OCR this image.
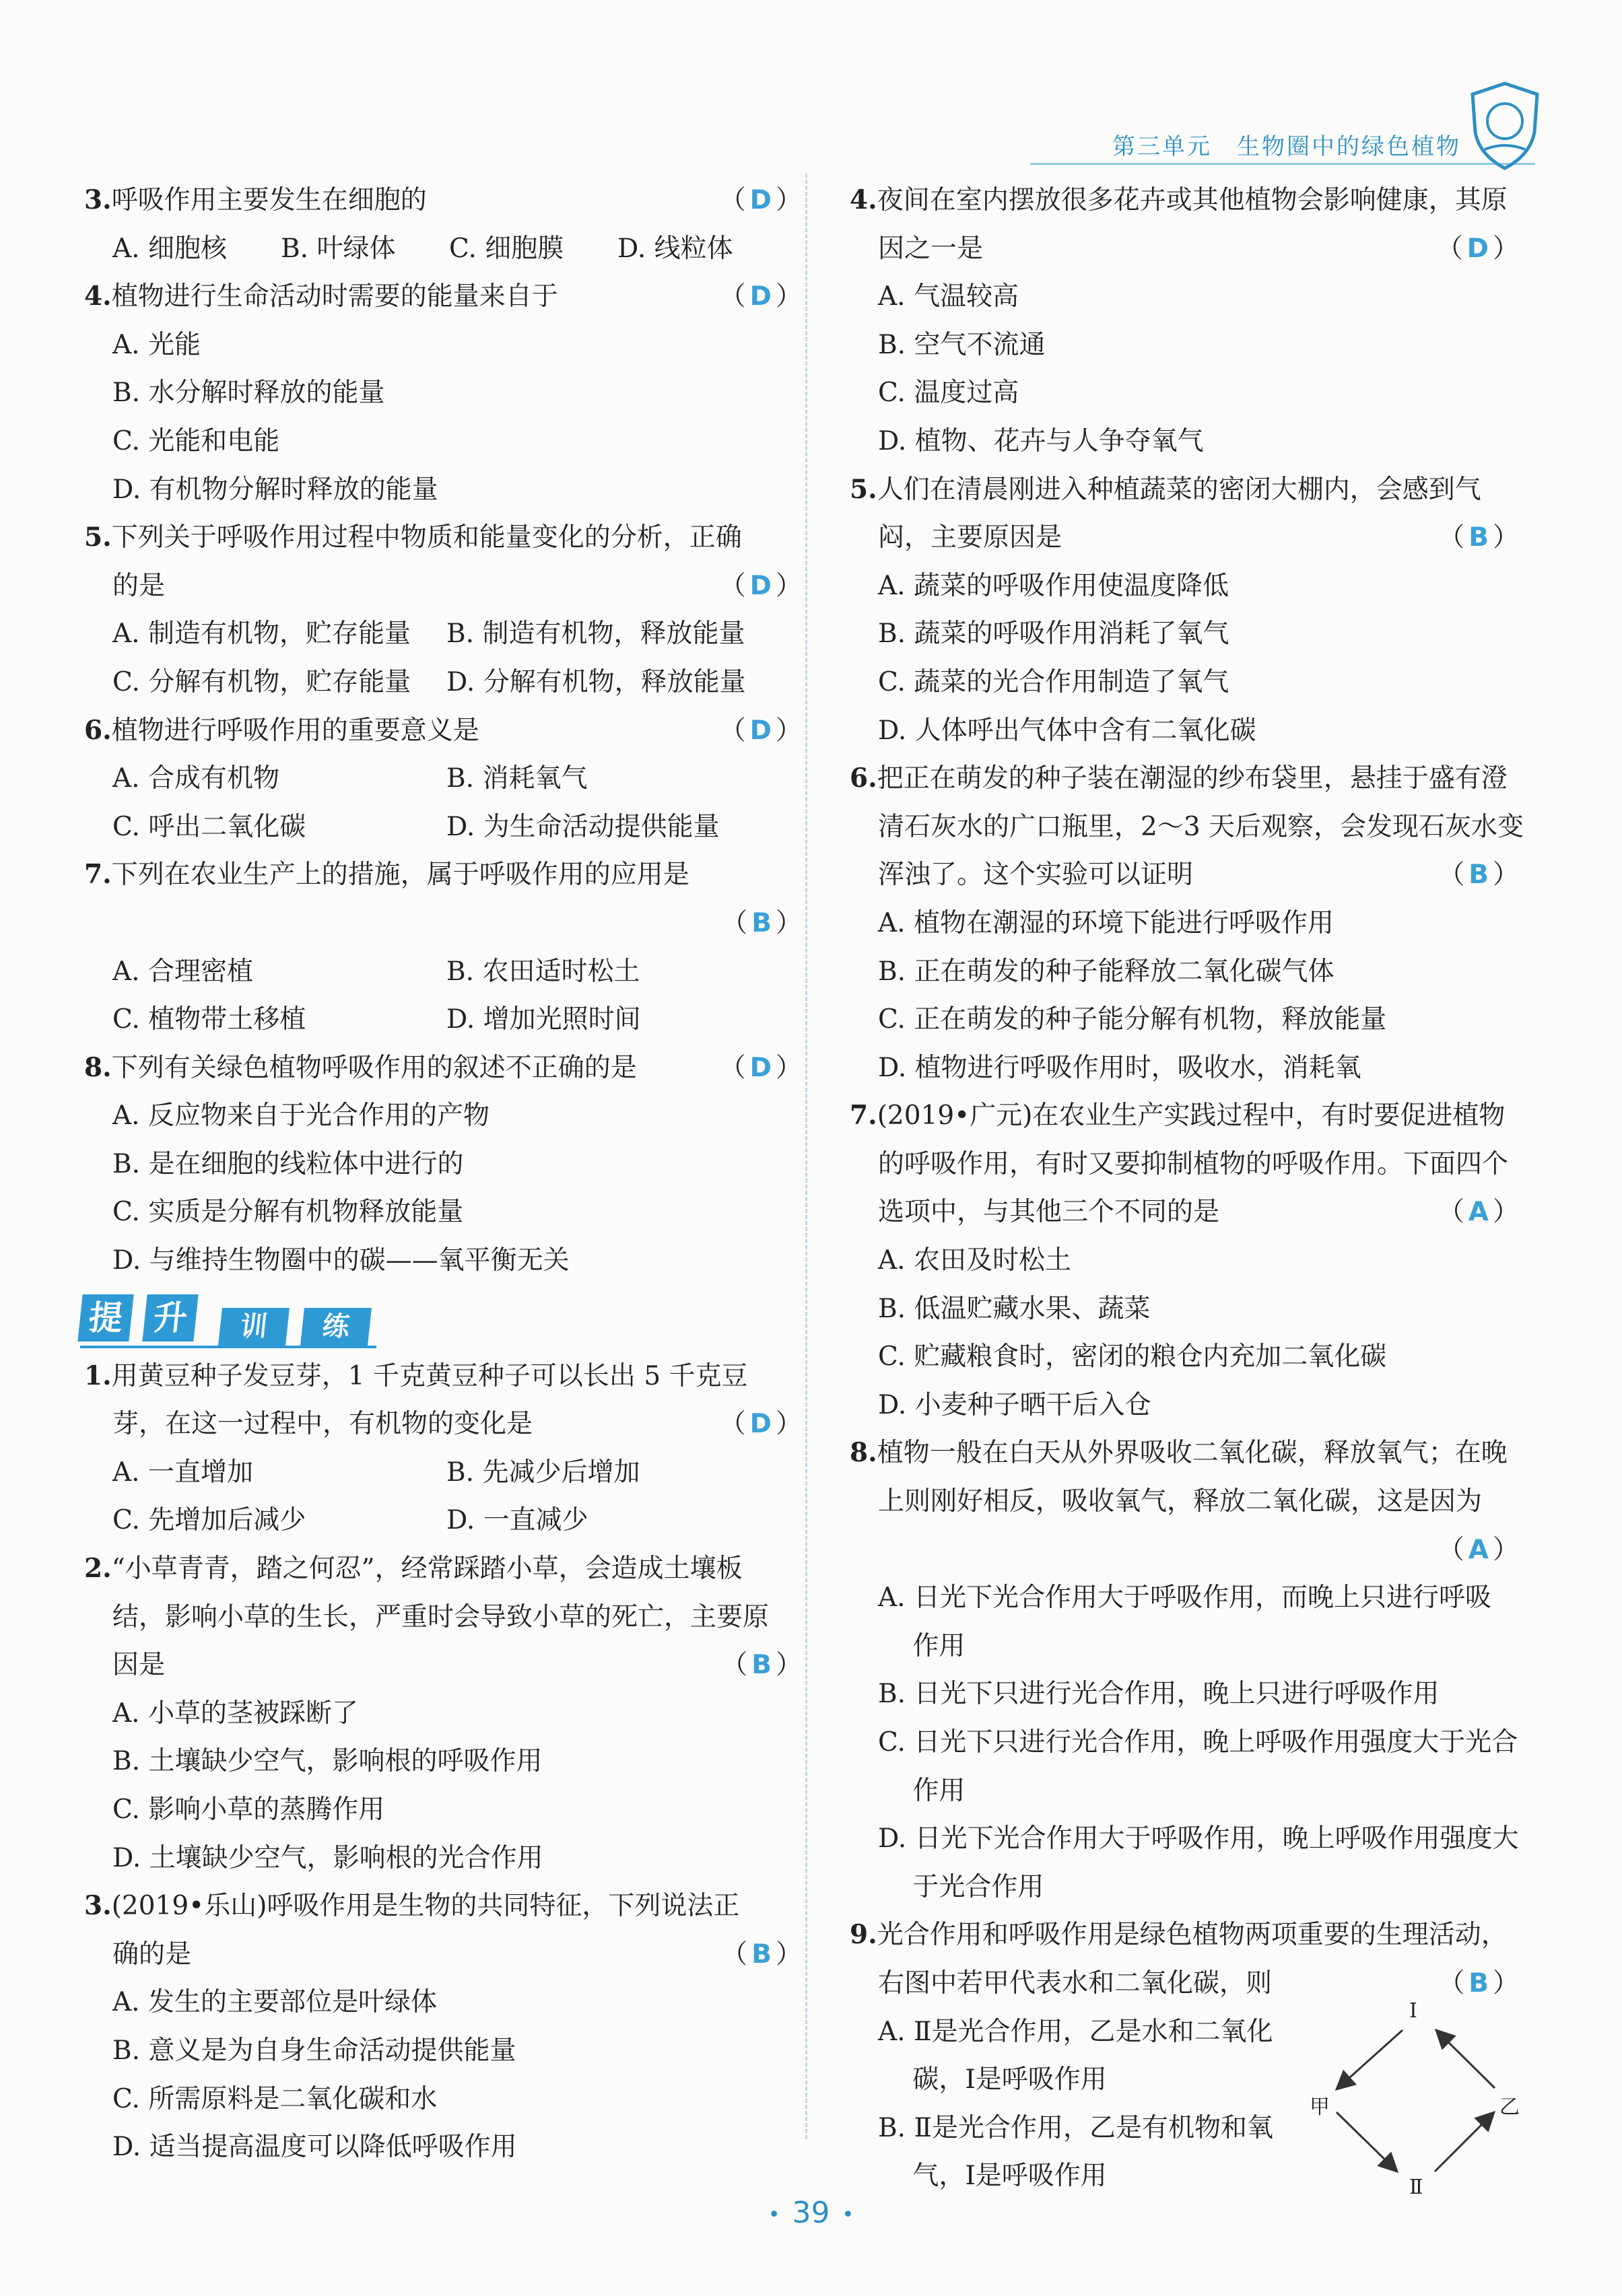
第三单元　生物圈中的绿色植物
3.呼吸作用主要发生在细胞的	（D）
A. 细胞核	B. 叶绿体	C. 细胞膜	D. 线粒体
4.植物进行生命活动时需要的能量来自于	（D）
A. 光能
B. 水分解时释放的能量
C. 光能和电能
D. 有机物分解时释放的能量
5.下列关于呼吸作用过程中物质和能量变化的分析，正确
的是	（D）
A. 制造有机物，贮存能量	B. 制造有机物，释放能量
C. 分解有机物，贮存能量	D. 分解有机物，释放能量
6.植物进行呼吸作用的重要意义是	（D）
A. 合成有机物	B. 消耗氧气
C. 呼出二氧化碳	D. 为生命活动提供能量
7.下列在农业生产上的措施，属于呼吸作用的应用是
（B）
A. 合理密植	B. 农田适时松土
C. 植物带土移植	D. 增加光照时间
8.下列有关绿色植物呼吸作用的叙述不正确的是	（D）
A. 反应物来自于光合作用的产物
B. 是在细胞的线粒体中进行的
C. 实质是分解有机物释放能量
D. 与维持生物圈中的碳——氧平衡无关
提 升	训	练
1.用黄豆种子发豆芽，1 千克黄豆种子可以长出 5 千克豆
芽，在这一过程中，有机物的变化是	（D）
A. 一直增加	B. 先减少后增加
C. 先增加后减少	D. 一直减少
2.“小草青青，踏之何忍”，经常踩踏小草，会造成土壤板
结，影响小草的生长，严重时会导致小草的死亡，主要原
因是	（B）
A. 小草的茎被踩断了
B. 土壤缺少空气，影响根的呼吸作用
C. 影响小草的蒸腾作用
D. 土壤缺少空气，影响根的光合作用
3.(2019•乐山)呼吸作用是生物的共同特征，下列说法正
确的是	（B）
A. 发生的主要部位是叶绿体
B. 意义是为自身生命活动提供能量
C. 所需原料是二氧化碳和水
D. 适当提高温度可以降低呼吸作用
4.夜间在室内摆放很多花卉或其他植物会影响健康，其原
因之一是	（D）
A. 气温较高
B. 空气不流通
C. 温度过高
D. 植物、花卉与人争夺氧气
5.人们在清晨刚进入种植蔬菜的密闭大棚内，会感到气
闷，主要原因是	（B）
A. 蔬菜的呼吸作用使温度降低
B. 蔬菜的呼吸作用消耗了氧气
C. 蔬菜的光合作用制造了氧气
D. 人体呼出气体中含有二氧化碳
6.把正在萌发的种子装在潮湿的纱布袋里，悬挂于盛有澄
清石灰水的广口瓶里，2～3 天后观察，会发现石灰水变
浑浊了。这个实验可以证明	（B）
A. 植物在潮湿的环境下能进行呼吸作用
B. 正在萌发的种子能释放二氧化碳气体
C. 正在萌发的种子能分解有机物，释放能量
D. 植物进行呼吸作用时，吸收水，消耗氧
7.(2019•广元)在农业生产实践过程中，有时要促进植物
的呼吸作用，有时又要抑制植物的呼吸作用。下面四个
选项中，与其他三个不同的是	（A）
A. 农田及时松土
B. 低温贮藏水果、蔬菜
C. 贮藏粮食时，密闭的粮仓内充加二氧化碳
D. 小麦种子晒干后入仓
8.植物一般在白天从外界吸收二氧化碳，释放氧气；在晚
上则刚好相反，吸收氧气，释放二氧化碳，这是因为
（A）
A. 日光下光合作用大于呼吸作用，而晚上只进行呼吸
　 作用
B. 日光下只进行光合作用，晚上只进行呼吸作用
C. 日光下只进行光合作用，晚上呼吸作用强度大于光合
　 作用
D. 日光下光合作用大于呼吸作用，晚上呼吸作用强度大
　 于光合作用
9.光合作用和呼吸作用是绿色植物两项重要的生理活动，
右图中若甲代表水和二氧化碳，则	（B）
A. Ⅱ是光合作用，乙是水和二氧化
　 碳，Ⅰ是呼吸作用
B. Ⅱ是光合作用，乙是有机物和氧
　 气，Ⅰ是呼吸作用
Ⅰ
甲	乙
Ⅱ
• 39 •
